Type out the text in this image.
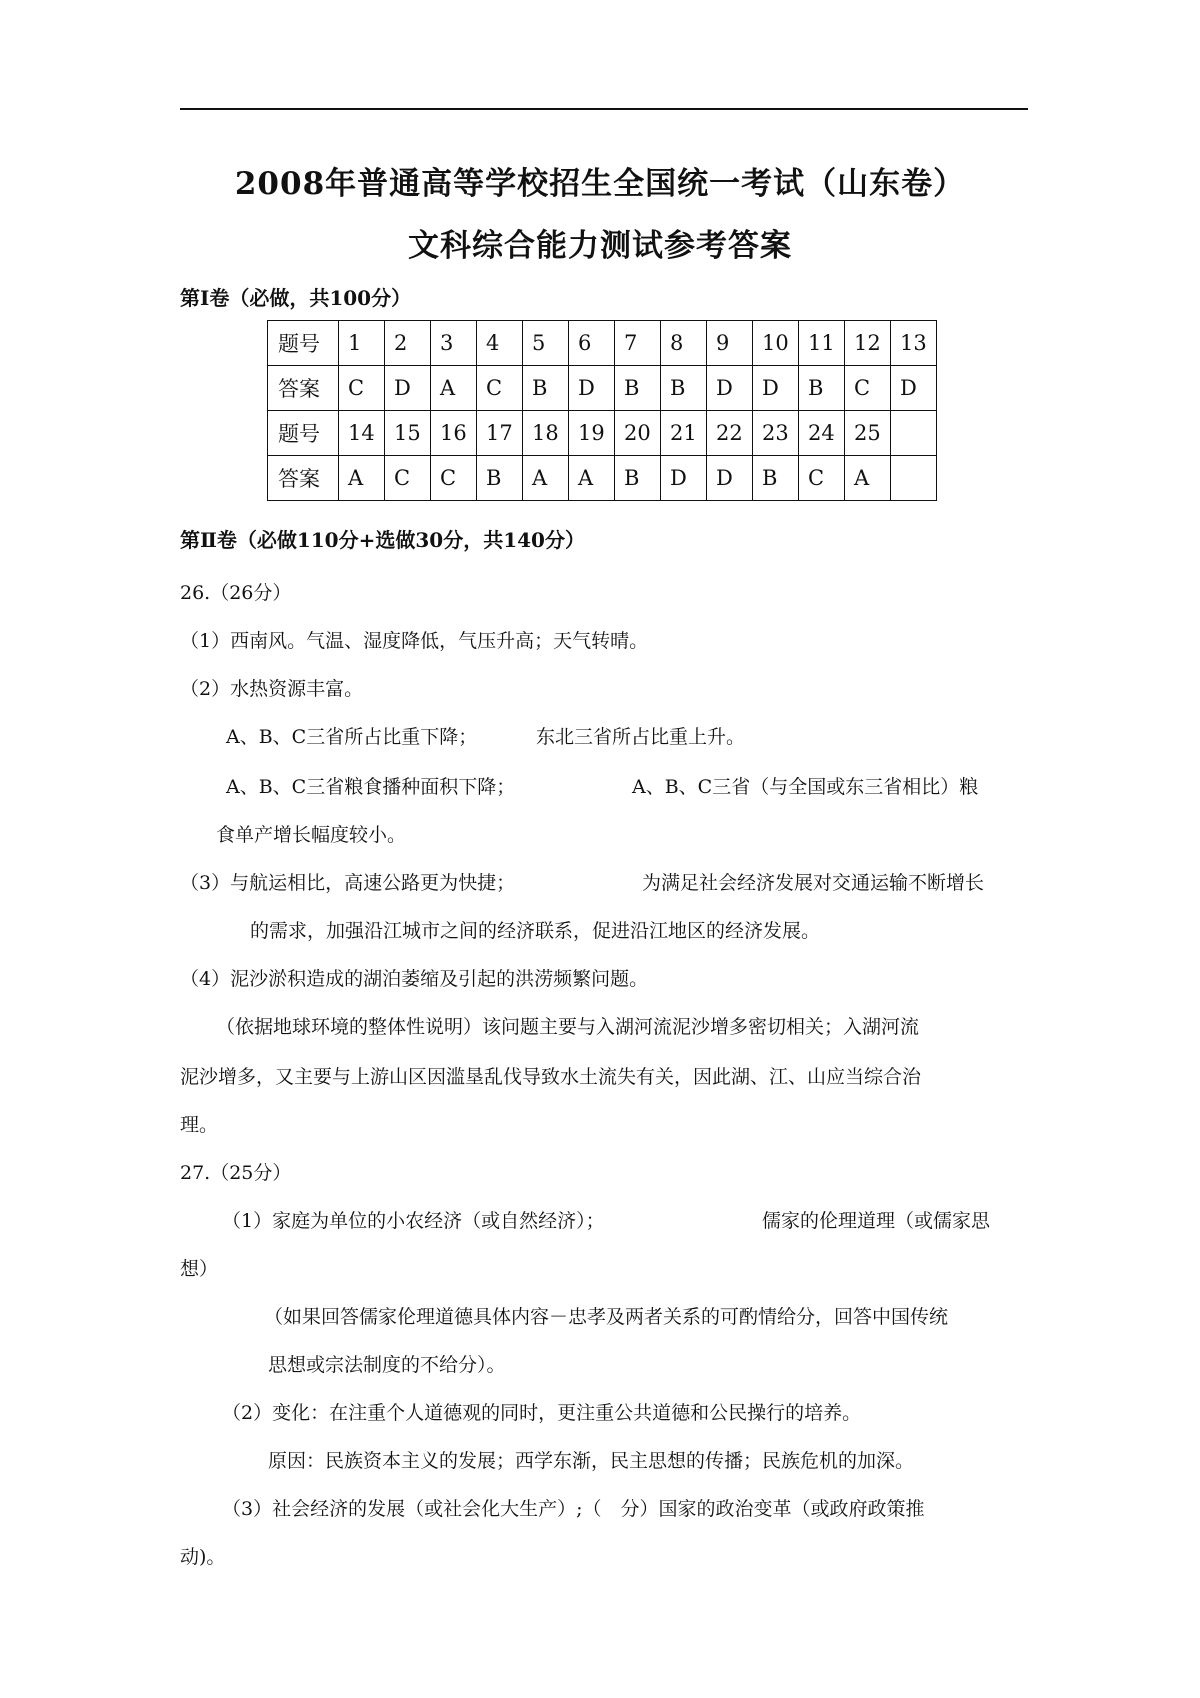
2008年普通高等学校招生全国统一考试（山东卷）
文科综合能力测试参考答案
第Ⅰ卷（必做，共100分）
题号	1	2	3	4	5	6	7	8	9	10	11	12	13
答案	C	D	A	C	B	D	B	B	D	D	B	C	D
题号	14	15	16	17	18	19	20	21	22	23	24	25	
答案	A	C	C	B	A	A	B	D	D	B	C	A	
第Ⅱ卷（必做110分+选做30分，共140分）
26.（26分）
（1）西南风。气温、湿度降低，气压升高；天气转晴。
（2）水热资源丰富。
A、B、C三省所占比重下降；	东北三省所占比重上升。
A、B、C三省粮食播种面积下降；	A、B、C三省（与全国或东三省相比）粮
食单产增长幅度较小。
（3）与航运相比，高速公路更为快捷；	为满足社会经济发展对交通运输不断增长
的需求，加强沿江城市之间的经济联系，促进沿江地区的经济发展。
（4）泥沙淤积造成的湖泊萎缩及引起的洪涝频繁问题。
（依据地球环境的整体性说明）该问题主要与入湖河流泥沙增多密切相关；入湖河流
泥沙增多，又主要与上游山区因滥垦乱伐导致水土流失有关，因此湖、江、山应当综合治
理。
27.（25分）
（1）家庭为单位的小农经济（或自然经济）；	儒家的伦理道理（或儒家思
想）
（如果回答儒家伦理道德具体内容－忠孝及两者关系的可酌情给分，回答中国传统
思想或宗法制度的不给分）。
（2）变化：在注重个人道德观的同时，更注重公共道德和公民操行的培养。
原因：民族资本主义的发展；西学东渐，民主思想的传播；民族危机的加深。
（3）社会经济的发展（或社会化大生产）;（　分）国家的政治变革（或政府政策推
动)。
